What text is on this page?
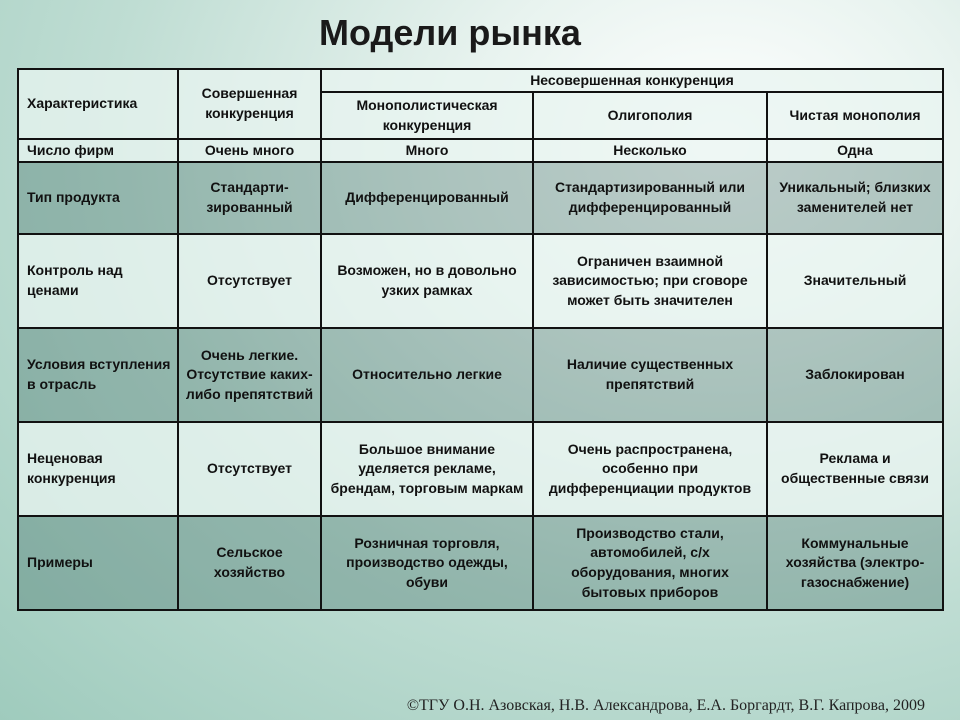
Модели рынка
Характеристика	Совершенная конкуренция	Несовершенная конкуренция		
		Монополистическая конкуренция	Олигополия	Чистая монополия
Число фирм	Очень много	Много	Несколько	Одна
Тип продукта	Стандарти-зированный	Дифференцированный	Стандартизированный или дифференцированный	Уникальный; близких заменителей нет
Контроль над ценами	Отсутствует	Возможен, но в довольно узких рамках	Ограничен взаимной зависимостью; при сговоре может быть значителен	Значительный
Условия вступления в отрасль	Очень легкие. Отсутствие каких-либо препятствий	Относительно легкие	Наличие существенных препятствий	Заблокирован
Неценовая конкуренция	Отсутствует	Большое внимание уделяется рекламе, брендам, торговым маркам	Очень распространена, особенно при дифференциации продуктов	Реклама и общественные связи
Примеры	Сельское хозяйство	Розничная торговля, производство одежды, обуви	Производство стали, автомобилей, с/х оборудования, многих бытовых приборов	Коммунальные хозяйства (электро-газоснабжение)
©ТГУ О.Н. Азовская, Н.В. Александрова, Е.А. Боргардт, В.Г. Капрова, 2009
